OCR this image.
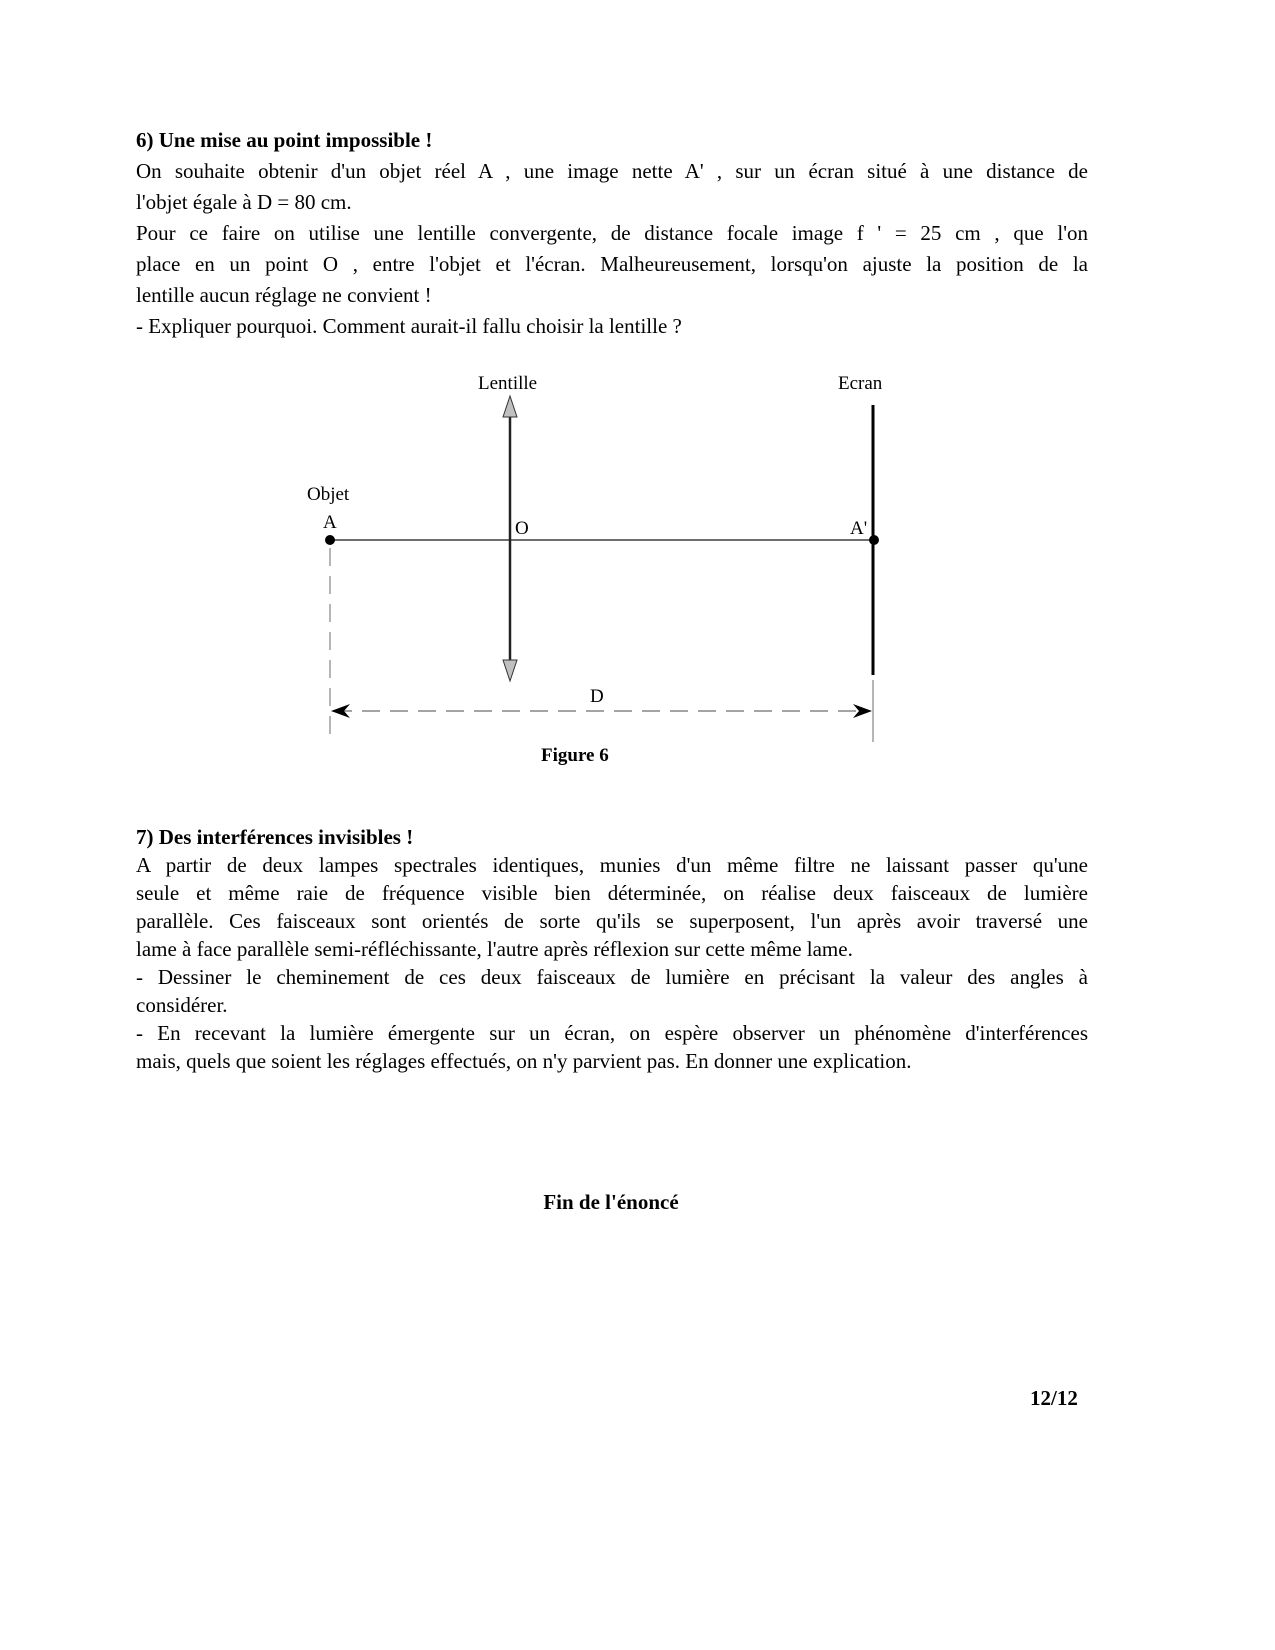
6) Une mise au point impossible !

On souhaite obtenir d'un objet réel A , une image nette A' , sur un écran situé à une distance de

l'objet égale à D = 80 cm.

Pour ce faire on utilise une lentille convergente, de distance focale image f ' = 25 cm , que l'on

place en un point O , entre l'objet et l'écran. Malheureusement, lorsqu'on ajuste la position de la

lentille aucun réglage ne convient !

- Expliquer pourquoi. Comment aurait-il fallu choisir la lentille ?

Lentille	Ecran
Objet
A	O	A'
D
Figure 6

7) Des interférences invisibles !

A partir de deux lampes spectrales identiques, munies d'un même filtre ne laissant passer qu'une

seule et même raie de fréquence visible bien déterminée, on réalise deux faisceaux de lumière

parallèle. Ces faisceaux sont orientés de sorte qu'ils se superposent, l'un après avoir traversé une

lame à face parallèle semi-réfléchissante, l'autre après réflexion sur cette même lame.

- Dessiner le cheminement de ces deux faisceaux de lumière en précisant la valeur des angles à

considérer.

- En recevant la lumière émergente sur un écran, on espère observer un phénomène d'interférences

mais, quels que soient les réglages effectués, on n'y parvient pas. En donner une explication.

Fin de l'énoncé
12/12
